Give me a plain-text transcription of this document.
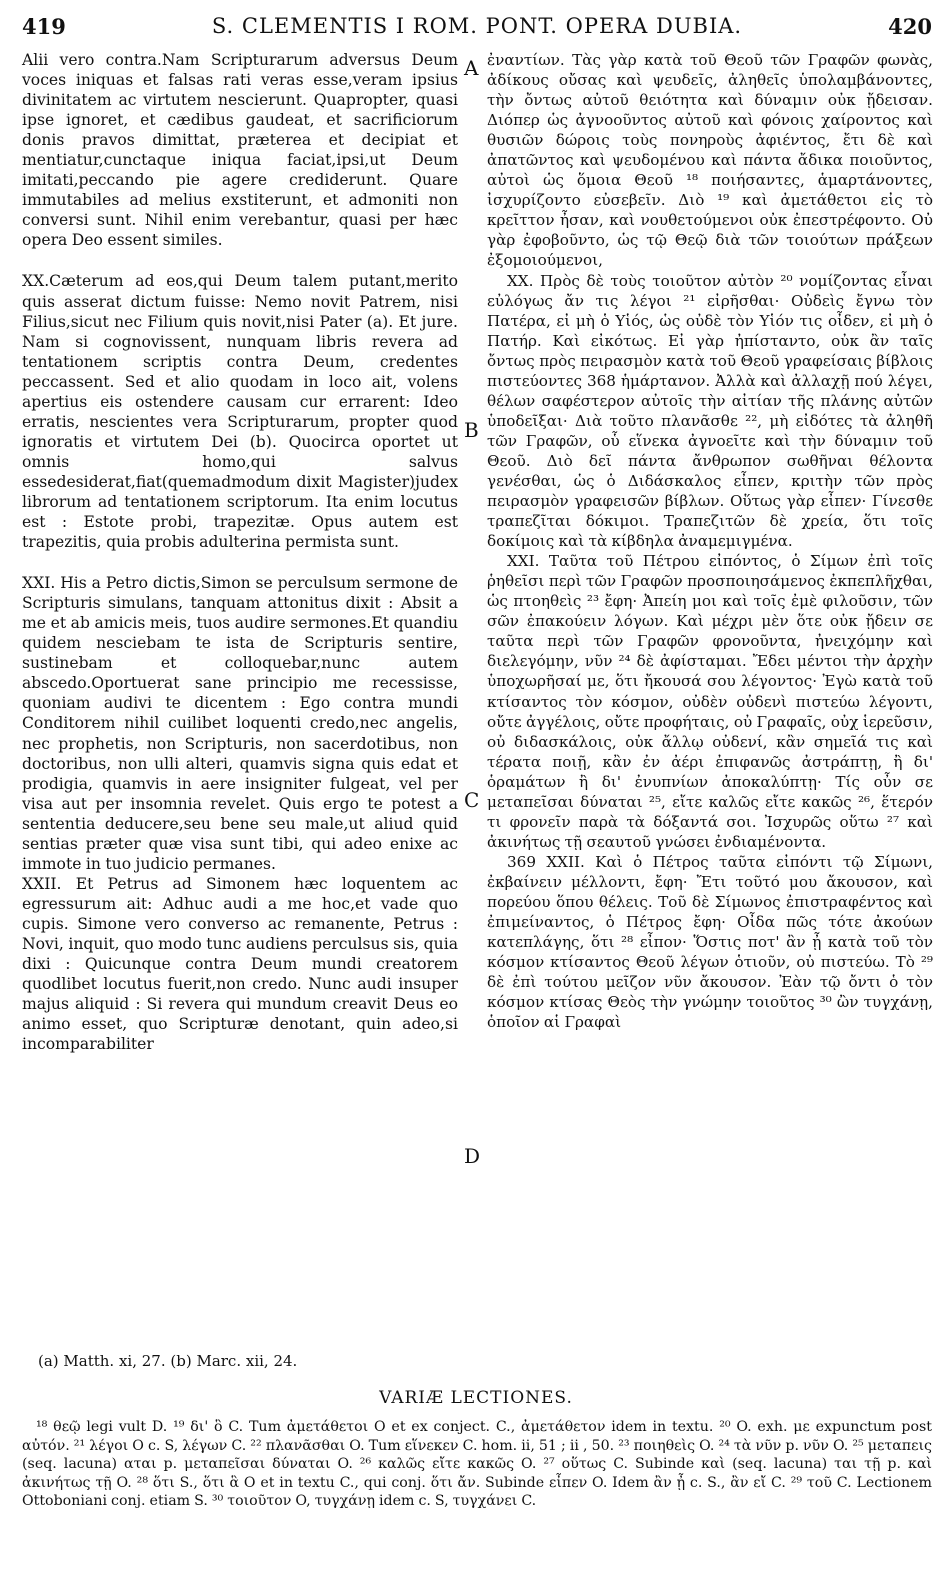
419	S. CLEMENTIS I ROM. PONT. OPERA DUBIA.	420

Alii vero contra.Nam Scripturarum adversus Deum voces iniquas et falsas rati veras esse,veram ipsius divinitatem ac virtutem nescierunt. Quapropter, quasi ipse ignoret, et cædibus gaudeat, et sacrificiorum donis pravos dimittat, præterea et decipiat et mentiatur,cunctaque iniqua faciat,ipsi,ut Deum imitati,peccando pie agere crediderunt. Quare immutabiles ad melius exstiterunt, et admoniti non conversi sunt. Nihil enim verebantur, quasi per hæc opera Deo essent similes.

XX.Cæterum ad eos,qui Deum talem putant,merito quis asserat dictum fuisse: Nemo novit Patrem, nisi Filius,sicut nec Filium quis novit,nisi Pater (a). Et jure. Nam si cognovissent, nunquam libris revera ad tentationem scriptis contra Deum, credentes peccassent. Sed et alio quodam in loco ait, volens apertius eis ostendere causam cur errarent: Ideo erratis, nescientes vera Scripturarum, propter quod ignoratis et virtutem Dei (b). Quocirca oportet ut omnis homo,qui salvus essedesiderat,fiat(quemadmodum dixit Magister)judex librorum ad tentationem scriptorum. Ita enim locutus est : Estote probi, trapezitæ. Opus autem est trapezitis, quia probis adulterina permista sunt.

XXI. His a Petro dictis,Simon se perculsum sermone de Scripturis simulans, tanquam attonitus dixit : Absit a me et ab amicis meis, tuos audire sermones.Et quandiu quidem nesciebam te ista de Scripturis sentire, sustinebam et colloquebar,nunc autem abscedo.Oportuerat sane principio me recessisse, quoniam audivi te dicentem : Ego contra mundi Conditorem nihil cuilibet loquenti credo,nec angelis, nec prophetis, non Scripturis, non sacerdotibus, non doctoribus, non ulli alteri, quamvis signa quis edat et prodigia, quamvis in aere insigniter fulgeat, vel per visa aut per insomnia revelet. Quis ergo te potest a sententia deducere,seu bene seu male,ut aliud quid sentias præter quæ visa sunt tibi, qui adeo enixe ac immote in tuo judicio permanes.

XXII. Et Petrus ad Simonem hæc loquentem ac egressurum ait: Adhuc audi a me hoc,et vade quo cupis. Simone vero converso ac remanente, Petrus : Novi, inquit, quo modo tunc audiens perculsus sis, quia dixi : Quicunque contra Deum mundi creatorem quodlibet locutus fuerit,non credo. Nunc audi insuper majus aliquid : Si revera qui mundum creavit Deus eo animo esset, quo Scripturæ denotant, quin adeo,si incomparabiliter

A
B
C
D

ἐναντίων. Τὰς γὰρ κατὰ τοῦ Θεοῦ τῶν Γραφῶν φωνὰς, ἀδίκους οὔσας καὶ ψευδεῖς, ἀληθεῖς ὑπολαμβάνοντες, τὴν ὄντως αὐτοῦ θειότητα καὶ δύναμιν οὐκ ᾔδεισαν. Διόπερ ὡς ἀγνοοῦντος αὐτοῦ καὶ φόνοις χαίροντος καὶ θυσιῶν δώροις τοὺς πονηροὺς ἀφιέντος, ἔτι δὲ καὶ ἀπατῶντος καὶ ψευδομένου καὶ πάντα ἄδικα ποιοῦντος, αὐτοὶ ὡς ὅμοια Θεοῦ ¹⁸ ποιήσαντες, ἁμαρτάνοντες, ἰσχυρίζοντο εὐσεβεῖν. Διὸ ¹⁹ καὶ ἀμετάθετοι εἰς τὸ κρεῖττον ἦσαν, καὶ νουθετούμενοι οὐκ ἐπεστρέφοντο. Οὐ γὰρ ἐφοβοῦντο, ὡς τῷ Θεῷ διὰ τῶν τοιούτων πράξεων ἐξομοιούμενοι,

XX. Πρὸς δὲ τοὺς τοιοῦτον αὐτὸν ²⁰ νομίζοντας εἶναι εὐλόγως ἄν τις λέγοι ²¹ εἰρῆσθαι· Οὐδεὶς ἔγνω τὸν Πατέρα, εἰ μὴ ὁ Υἱός, ὡς οὐδὲ τὸν Υἱόν τις οἶδεν, εἰ μὴ ὁ Πατήρ. Καὶ εἰκότως. Εἰ γὰρ ἠπίσταντο, οὐκ ἂν ταῖς ὄντως πρὸς πειρασμὸν κατὰ τοῦ Θεοῦ γραφείσαις βίβλοις πιστεύοντες 368 ἡμάρτανον. Ἀλλὰ καὶ ἀλλαχῇ πού λέγει, θέλων σαφέστερον αὐτοῖς τὴν αἰτίαν τῆς πλάνης αὐτῶν ὑποδεῖξαι· Διὰ τοῦτο πλανᾶσθε ²², μὴ εἰδότες τὰ ἀληθῆ τῶν Γραφῶν, οὗ εἵνεκα ἀγνοεῖτε καὶ τὴν δύναμιν τοῦ Θεοῦ. Διὸ δεῖ πάντα ἄνθρωπον σωθῆναι θέλοντα γενέσθαι, ὡς ὁ Διδάσκαλος εἶπεν, κριτὴν τῶν πρὸς πειρασμὸν γραφεισῶν βίβλων. Οὕτως γὰρ εἶπεν· Γίνεσθε τραπεζῖται δόκιμοι. Τραπεζιτῶν δὲ χρεία, ὅτι τοῖς δοκίμοις καὶ τὰ κίβδηλα ἀναμεμιγμένα.

XXI. Ταῦτα τοῦ Πέτρου εἰπόντος, ὁ Σίμων ἐπὶ τοῖς ῥηθεῖσι περὶ τῶν Γραφῶν προσποιησάμενος ἐκπεπλῆχθαι, ὡς πτοηθεὶς ²³ ἔφη· Ἀπείη μοι καὶ τοῖς ἐμὲ φιλοῦσιν, τῶν σῶν ἐπακούειν λόγων. Καὶ μέχρι μὲν ὅτε οὐκ ᾔδειν σε ταῦτα περὶ τῶν Γραφῶν φρονοῦντα, ἠνειχόμην καὶ διελεγόμην, νῦν ²⁴ δὲ ἀφίσταμαι. Ἔδει μέντοι τὴν ἀρχὴν ὑποχωρῆσαί με, ὅτι ἤκουσά σου λέγοντος· Ἐγὼ κατὰ τοῦ κτίσαντος τὸν κόσμον, οὐδὲν οὐδενὶ πιστεύω λέγοντι, οὔτε ἀγγέλοις, οὔτε προφήταις, οὐ Γραφαῖς, οὐχ ἱερεῦσιν, οὐ διδασκάλοις, οὐκ ἄλλῳ οὐδενί, κἂν σημεῖά τις καὶ τέρατα ποιῇ, κἂν ἐν ἀέρι ἐπιφανῶς ἀστράπτῃ, ἢ δι' ὁραμάτων ἢ δι' ἐνυπνίων ἀποκαλύπτῃ· Τίς οὖν σε μεταπεῖσαι δύναται ²⁵, εἴτε καλῶς εἴτε κακῶς ²⁶, ἕτερόν τι φρονεῖν παρὰ τὰ δόξαντά σοι. Ἰσχυρῶς οὕτω ²⁷ καὶ ἀκινήτως τῇ σεαυτοῦ γνώσει ἐνδιαμένοντα.

369 XXII. Καὶ ὁ Πέτρος ταῦτα εἰπόντι τῷ Σίμωνι, ἐκβαίνειν μέλλοντι, ἔφη· Ἔτι τοῦτό μου ἄκουσον, καὶ πορεύου ὅπου θέλεις. Τοῦ δὲ Σίμωνος ἐπιστραφέντος καὶ ἐπιμείναντος, ὁ Πέτρος ἔφη· Οἶδα πῶς τότε ἀκούων κατεπλάγης, ὅτι ²⁸ εἶπον· Ὅστις ποτ' ἂν ᾖ κατὰ τοῦ τὸν κόσμον κτίσαντος Θεοῦ λέγων ὁτιοῦν, οὐ πιστεύω. Τὸ ²⁹ δὲ ἐπὶ τούτου μεῖζον νῦν ἄκουσον. Ἐὰν τῷ ὄντι ὁ τὸν κόσμον κτίσας Θεὸς τὴν γνώμην τοιοῦτος ³⁰ ὢν τυγχάνῃ, ὁποῖον αἱ Γραφαὶ

(a) Matth. xi, 27. (b) Marc. xii, 24.
VARIÆ LECTIONES.

¹⁸ θεῷ legi vult D. ¹⁹ δι' ὃ C. Tum ἀμετάθετοι O et ex conject. C., ἀμετάθετον idem in textu. ²⁰ O. exh. με expunctum post αὐτόν. ²¹ λέγοι O c. S, λέγων C. ²² πλανᾶσθαι O. Tum εἵνεκεν C. hom. ii, 51 ; ii , 50. ²³ ποιηθεὶς O. ²⁴ τὰ νῦν p. νῦν O. ²⁵ μεταπεις (seq. lacuna) αται p. μεταπεῖσαι δύναται O. ²⁶ καλῶς εἴτε κακῶς O. ²⁷ οὕτως C. Subinde καὶ (seq. lacuna) ται τῇ p. καὶ ἀκινήτως τῇ O. ²⁸ ὅτι S., ὅτι ἃ O et in textu C., qui conj. ὅτι ἄν. Subinde εἶπεν O. Idem ἂν ᾖ c. S., ἂν εἴ C. ²⁹ τοῦ C. Lectionem Ottoboniani conj. etiam S. ³⁰ τοιοῦτον O, τυγχάνῃ idem c. S, τυγχάνει C.
